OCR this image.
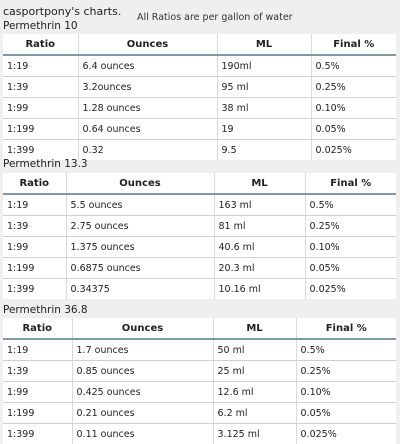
casportpony's charts. All Ratios are per gallon of water
Permethrin 10
Ratio	Ounces	ML	Final %
1:19	6.4 ounces	190ml	0.5%
1:39	3.2ounces	95 ml	0.25%
1:99	1.28 ounces	38 ml	0.10%
1:199	0.64 ounces	19	0.05%
1:399	0.32	9.5	0.025%
Permethrin 13.3
Ratio	Ounces	ML	Final %
1:19	5.5 ounces	163 ml	0.5%
1:39	2.75 ounces	81 ml	0.25%
1:99	1.375 ounces	40.6 ml	0.10%
1:199	0.6875 ounces	20.3 ml	0.05%
1:399	0.34375	10.16 ml	0.025%
Permethrin 36.8
Ratio	Ounces	ML	Final %
1:19	1.7 ounces	50 ml	0.5%
1:39	0.85 ounces	25 ml	0.25%
1:99	0.425 ounces	12.6 ml	0.10%
1:199	0.21 ounces	6.2 ml	0.05%
1:399	0.11 ounces	3.125 ml	0.025%
